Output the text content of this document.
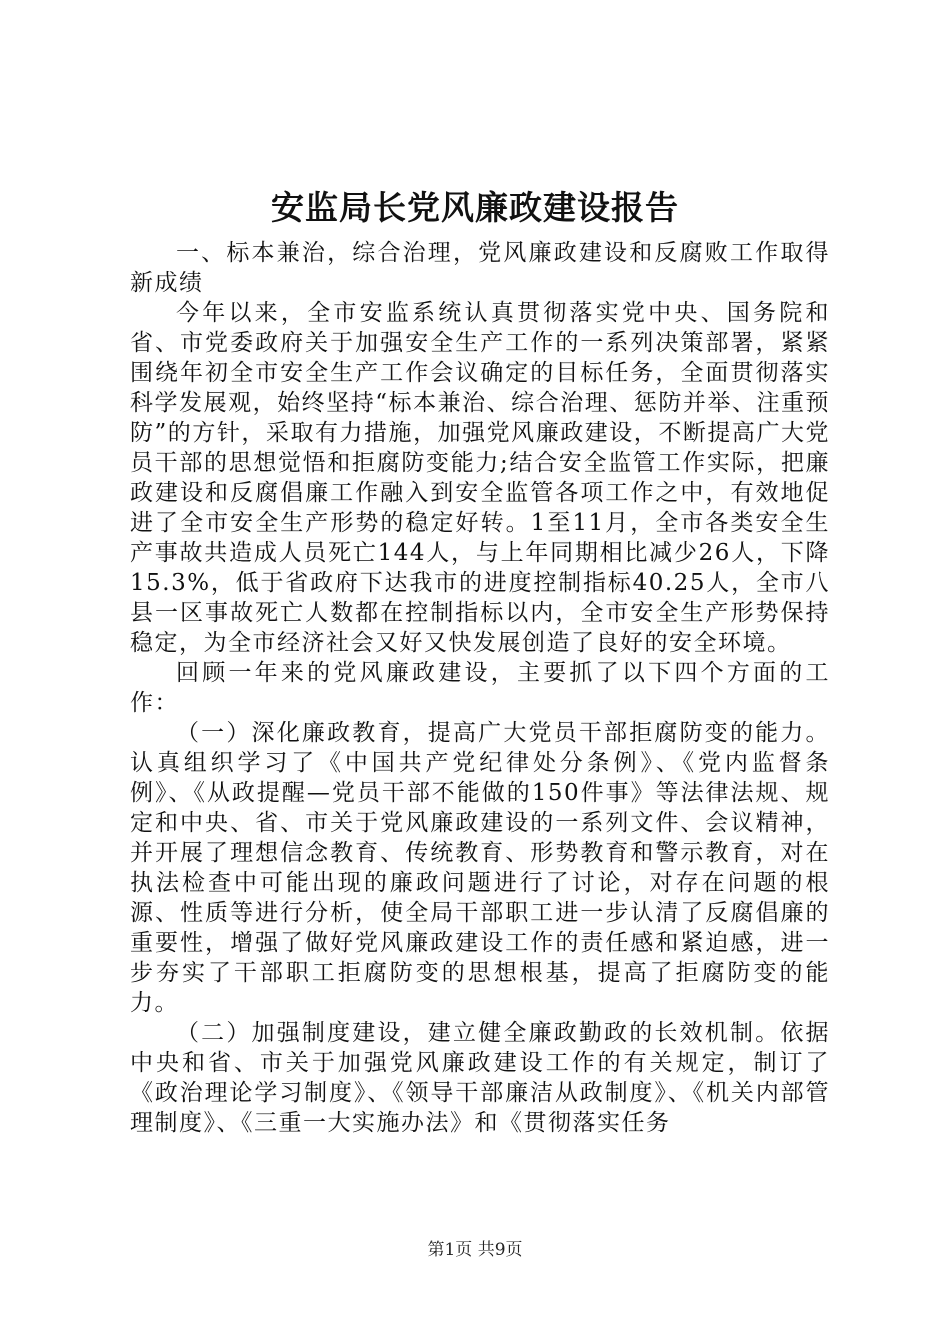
安监局长党风廉政建设报告

一、标本兼治，综合治理，党风廉政建设和反腐败工作取得新成绩

今年以来，全市安监系统认真贯彻落实党中央、国务院和省、市党委政府关于加强安全生产工作的一系列决策部署，紧紧围绕年初全市安全生产工作会议确定的目标任务，全面贯彻落实科学发展观，始终坚持“标本兼治、综合治理、惩防并举、注重预防”的方针，采取有力措施，加强党风廉政建设，不断提高广大党员干部的思想觉悟和拒腐防变能力;结合安全监管工作实际，把廉政建设和反腐倡廉工作融入到安全监管各项工作之中，有效地促进了全市安全生产形势的稳定好转。1至11月，全市各类安全生产事故共造成人员死亡144人，与上年同期相比减少26人，下降15.3%，低于省政府下达我市的进度控制指标40.25人，全市八县一区事故死亡人数都在控制指标以内，全市安全生产形势保持稳定，为全市经济社会又好又快发展创造了良好的安全环境。

回顾一年来的党风廉政建设，主要抓了以下四个方面的工作：

（一）深化廉政教育，提高广大党员干部拒腐防变的能力。认真组织学习了《中国共产党纪律处分条例》、《党内监督条例》、《从政提醒—党员干部不能做的150件事》等法律法规、规定和中央、省、市关于党风廉政建设的一系列文件、会议精神，并开展了理想信念教育、传统教育、形势教育和警示教育，对在执法检查中可能出现的廉政问题进行了讨论，对存在问题的根源、性质等进行分析，使全局干部职工进一步认清了反腐倡廉的重要性，增强了做好党风廉政建设工作的责任感和紧迫感，进一步夯实了干部职工拒腐防变的思想根基，提高了拒腐防变的能力。

（二）加强制度建设，建立健全廉政勤政的长效机制。依据中央和省、市关于加强党风廉政建设工作的有关规定，制订了《政治理论学习制度》、《领导干部廉洁从政制度》、《机关内部管理制度》、《三重一大实施办法》和《贯彻落实任务

第1页 共9页
